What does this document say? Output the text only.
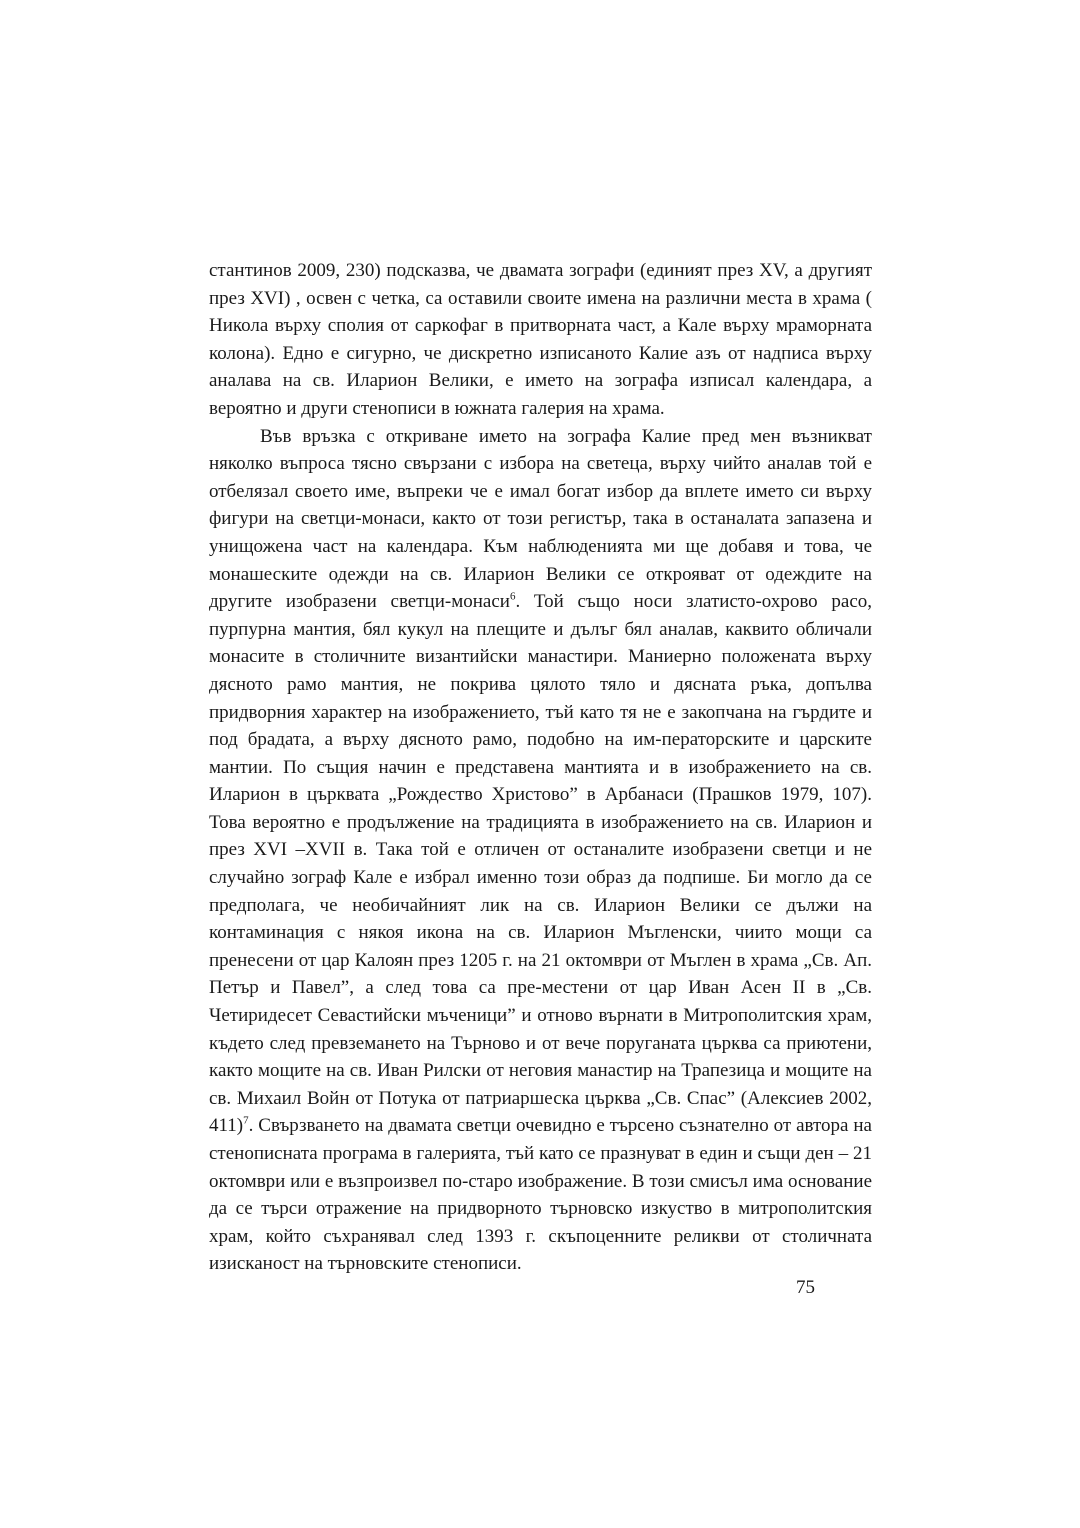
стантинов 2009, 230) подсказва, че двамата зографи (единият през XV, а другият през XVI) , освен с четка, са оставили своите имена на различни места в храма ( Никола върху сполия от саркофаг в притворната част, а Кале върху мраморната колона). Едно е сигурно, че дискретно изписаното Калие азъ от надписа върху аналава на св. Иларион Велики, е името на зографа изписал календара, а вероятно и други стенописи в южната галерия на храма.

Във връзка с откриване името на зографа Калие пред мен възникват няколко въпроса тясно свързани с избора на светеца, върху чийто аналав той е отбелязал своето име, въпреки че е имал богат избор да вплете името си върху фигури на светци-монаси, както от този регистър, така в останалата запазена и унищожена част на календара. Към наблюденията ми ще добавя и това, че монашеските одежди на св. Иларион Велики се открояват от одеждите на другите изобразени светци-монаси$^6$. Той също носи златисто-охрово расо, пурпурна мантия, бял кукул на плещите и дълъг бял аналав, каквито обличали монасите в столичните византийски манастири. Маниерно положената върху дясното рамо мантия, не покрива цялото тяло и дясната ръка, допълва придворния характер на изображението, тъй като тя не е закопчана на гърдите и под брадата, а върху дясното рамо, подобно на им-ператорските и царските мантии. По същия начин е представена мантията и в изображението на св. Иларион в църквата „Рождество Христово” в Арбанаси (Прашков 1979, 107). Това вероятно е продължение на традицията в изображението на св. Иларион и през XVI –XVII в. Така той е отличен от останалите изобразени светци и не случайно зограф Кале е избрал именно този образ да подпише. Би могло да се предполага, че необичайният лик на св. Иларион Велики се дължи на контаминация с някоя икона на св. Иларион Мъгленски, чиито мощи са пренесени от цар Калоян през 1205 г. на 21 октомври от Мъглен в храма „Св. Ап. Петър и Павел”, а след това са пре-местени от цар Иван Асен II в „Св. Четиридесет Севастийски мъченици” и отново върнати в Митрополитския храм, където след превземането на Търново и от вече поруганата църква са приютени, както мощите на св. Иван Рилски от неговия манастир на Трапезица и мощите на св. Михаил Войн от Потука от патриаршеска църква „Св. Спас” (Алексиев 2002, 411)$^7$. Свързването на двамата светци очевидно е търсено съзнателно от автора на стенописната програма в галерията, тъй като се празнуват в един и същи ден – 21 октомври или е възпроизвел по-старо изображение. В този смисъл има основание да се търси отражение на придворното търновско изкуство в митрополитския храм, който съхранявал след 1393 г. скъпоценните реликви от столичната изисканост на търновските стенописи.

75
